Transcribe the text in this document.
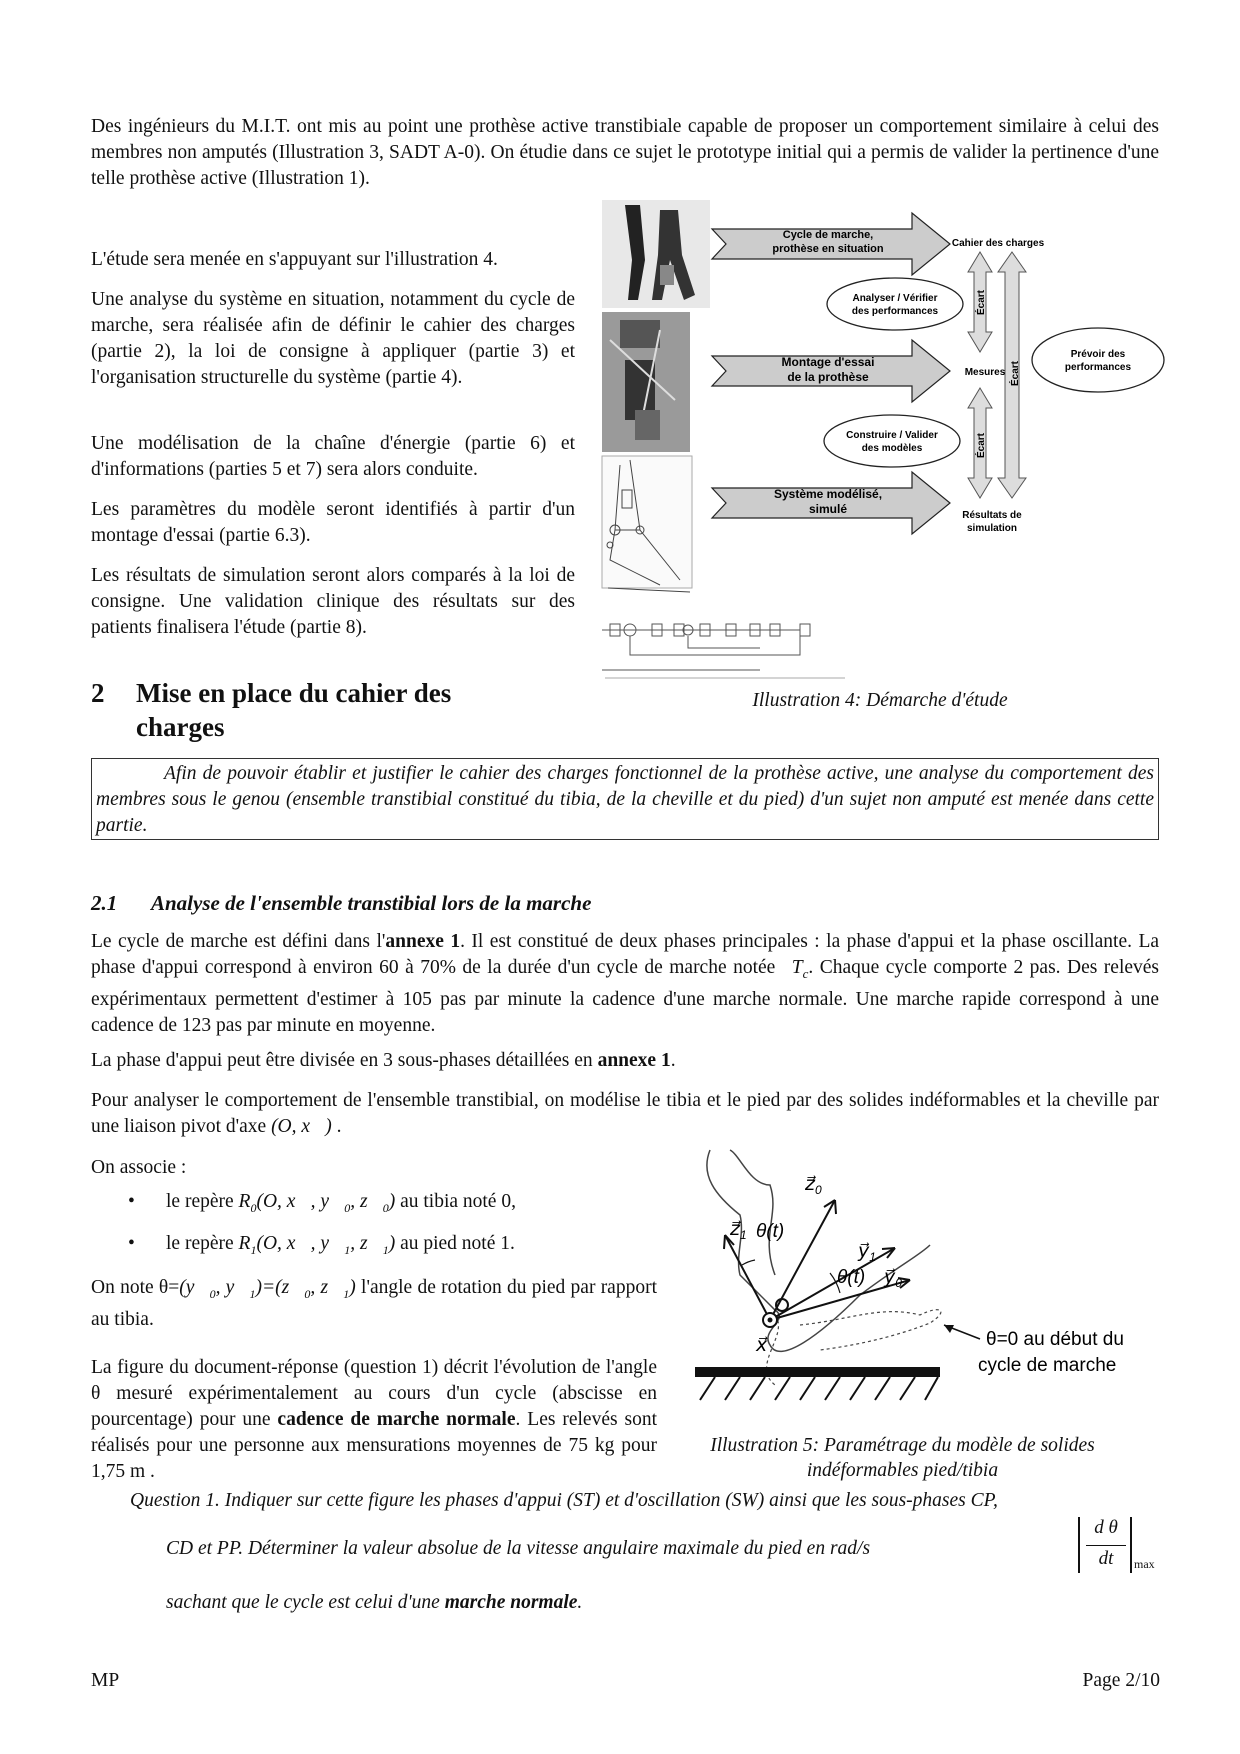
Des ingénieurs du M.I.T. ont mis au point une prothèse active transtibiale capable de proposer un comportement similaire à celui des membres non amputés (Illustration 3, SADT A-0). On étudie dans ce sujet le prototype initial qui a permis de valider la pertinence d'une telle prothèse active (Illustration 1).

L'étude sera menée en s'appuyant sur l'illustration 4.

Une analyse du système en situation, notamment du cycle de marche, sera réalisée afin de définir le cahier des charges (partie 2), la loi de consigne à appliquer (partie 3) et l'organisation structurelle du système (partie 4).

Une modélisation de la chaîne d'énergie (partie 6) et d'informations (parties 5 et 7) sera alors conduite.

Les paramètres du modèle seront identifiés à partir d'un montage d'essai (partie 6.3).

Les résultats de simulation seront alors comparés à la loi de consigne. Une validation clinique des résultats sur des patients finalisera l'étude (partie 8).

Cycle de marche,
prothèse en situation
Montage d'essai
de la prothèse
Système modélisé,
simulé
Analyser / Vérifier
des performances
Construire / Valider
des modèles
Prévoir des
performances
Écart
Écart
Écart
Cahier des charges
Mesures
Résultats de
simulation
Illustration 4: Démarche d'étude
2 Mise en place du cahier des charges
Afin de pouvoir établir et justifier le cahier des charges fonctionnel de la prothèse active, une analyse du comportement des membres sous le genou (ensemble transtibial constitué du tibia, de la cheville et du pied) d'un sujet non amputé est menée dans cette partie.
2.1 Analyse de l'ensemble transtibial lors de la marche

Le cycle de marche est défini dans l'annexe 1. Il est constitué de deux phases principales : la phase d'appui et la phase oscillante. La phase d'appui correspond à environ 60 à 70% de la durée d'un cycle de marche notée $T_c$. Chaque cycle comporte 2 pas. Des relevés expérimentaux permettent d'estimer à 105 pas par minute la cadence d'une marche normale. Une marche rapide correspond à une cadence de 123 pas par minute en moyenne.

La phase d'appui peut être divisée en 3 sous-phases détaillées en annexe 1.

Pour analyser le comportement de l'ensemble transtibial, on modélise le tibia et le pied par des solides indéformables et la cheville par une liaison pivot d'axe (O, x⃗) .

On associe :

• le repère $R_0(O$, x⃗, $y⃗_0$, $z⃗_0$) au tibia noté 0,
• le repère $R_1(O$, x⃗, $y⃗_1$, $z⃗_1$) au pied noté 1.

On note $\theta=(y⃗_0$, $y⃗_1)=(z⃗_0$, $z⃗_1$) l'angle de rotation du pied par rapport au tibia.

La figure du document-réponse (question 1) décrit l'évolution de l'angle θ mesuré expérimentalement au cours d'un cycle (abscisse en pourcentage) pour une cadence de marche normale. Les relevés sont réalisés pour une personne aux mensurations moyennes de 75 kg pour 1,75 m .

$z⃗_0$
$z⃗_1$ θ(t)
$y⃗_1$
θ(t) $y⃗_0$
x⃗	θ=0 au début du
cycle de marche
Illustration 5: Paramétrage du modèle de solides
indéformables pied/tibia
Question 1. Indiquer sur cette figure les phases d'appui (ST) et d'oscillation (SW) ainsi que les sous-phases CP,
CD et PP. Déterminer la valeur absolue de la vitesse angulaire maximale du pied en rad/s
d θ
dt	max
sachant que le cycle est celui d'une marche normale.
MP	Page 2/10
